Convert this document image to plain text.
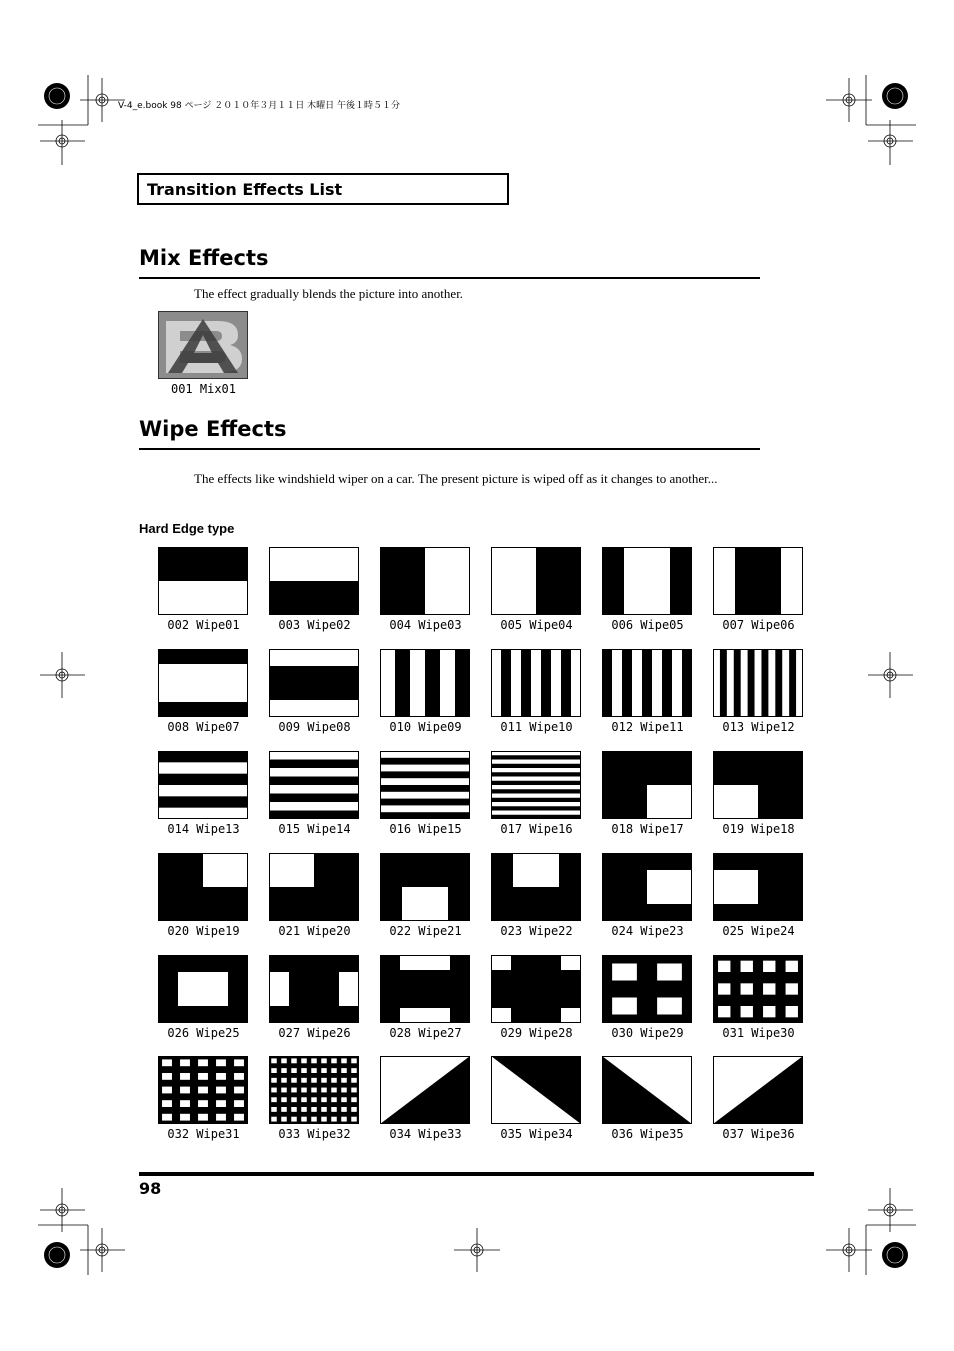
V-4_e.book 98 ページ ２０１０年３月１１日 木曜日 午後１時５１分
Transition Effects List
Mix Effects
The effect gradually blends the picture into another.
001 Mix01
Wipe Effects
The effects like windshield wiper on a car. The present picture is wiped off as it changes to another...
Hard Edge type
002 Wipe01	003 Wipe02	004 Wipe03	005 Wipe04	006 Wipe05	007 Wipe06
008 Wipe07	009 Wipe08	010 Wipe09	011 Wipe10	012 Wipe11	013 Wipe12
014 Wipe13	015 Wipe14	016 Wipe15	017 Wipe16	018 Wipe17	019 Wipe18
020 Wipe19	021 Wipe20	022 Wipe21	023 Wipe22	024 Wipe23	025 Wipe24
026 Wipe25	027 Wipe26	028 Wipe27	029 Wipe28	030 Wipe29	031 Wipe30
032 Wipe31	033 Wipe32	034 Wipe33	035 Wipe34	036 Wipe35	037 Wipe36
98
